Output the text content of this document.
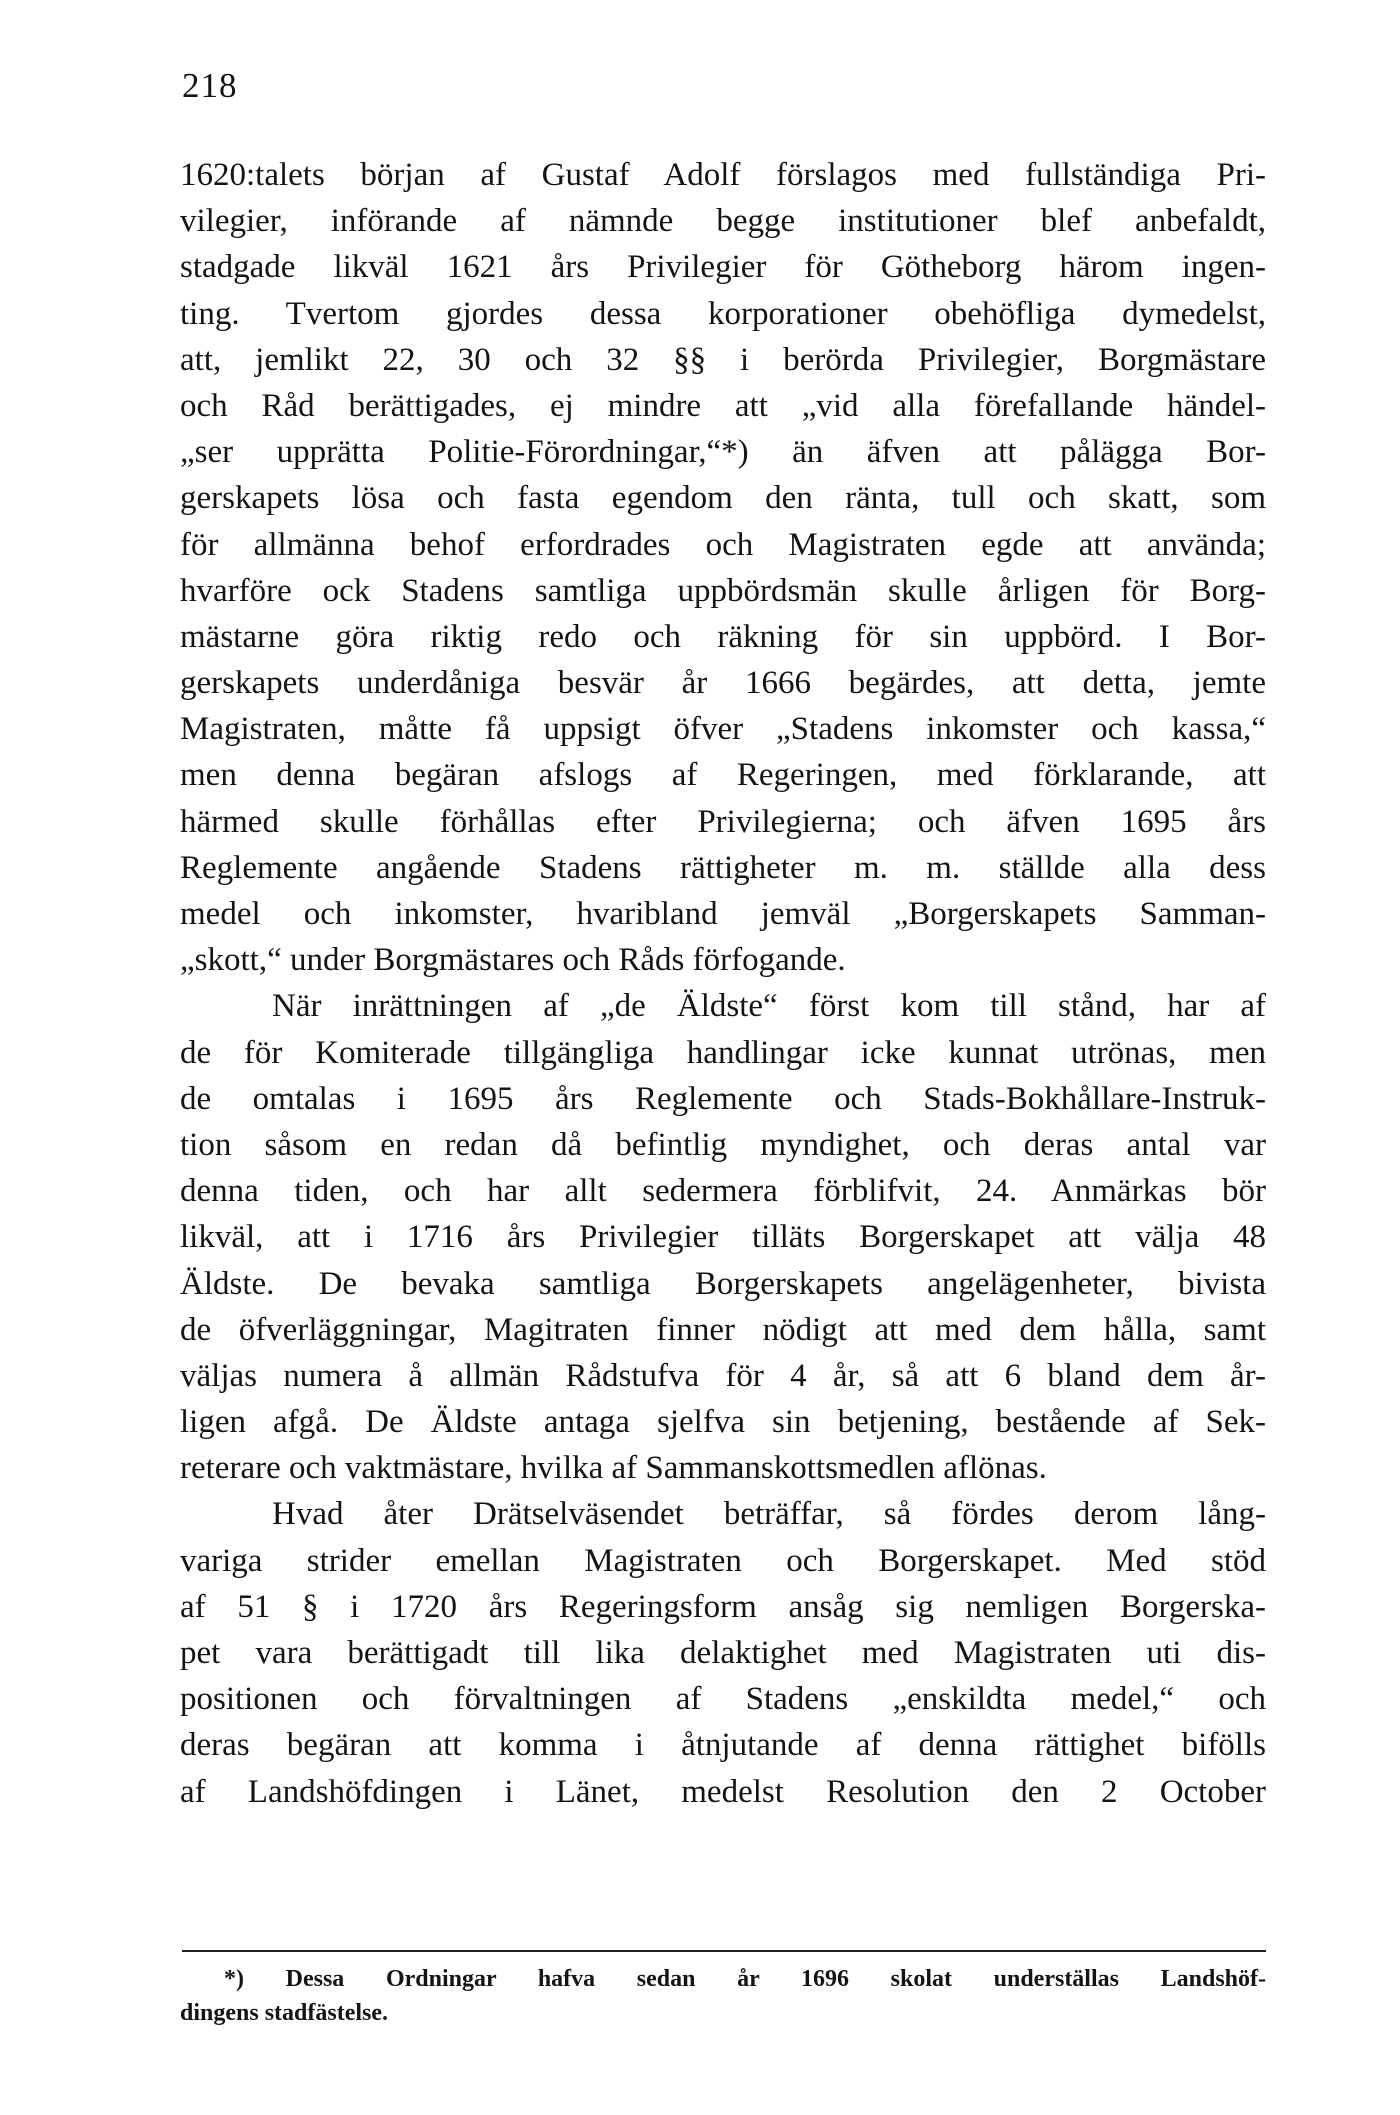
218
1620:talets början af Gustaf Adolf förslagos med fullständiga Pri-
vilegier, införande af nämnde begge institutioner blef anbefaldt,
stadgade likväl 1621 års Privilegier för Götheborg härom ingen-
ting. Tvertom gjordes dessa korporationer obehöfliga dymedelst,
att, jemlikt 22, 30 och 32 §§ i berörda Privilegier, Borgmästare
och Råd berättigades, ej mindre att „vid alla förefallande händel-
„ser upprätta Politie-Förordningar,“*) än äfven att pålägga Bor-
gerskapets lösa och fasta egendom den ränta, tull och skatt, som
för allmänna behof erfordrades och Magistraten egde att använda;
hvarföre ock Stadens samtliga uppbördsmän skulle årligen för Borg-
mästarne göra riktig redo och räkning för sin uppbörd. I Bor-
gerskapets underdåniga besvär år 1666 begärdes, att detta, jemte
Magistraten, måtte få uppsigt öfver „Stadens inkomster och kassa,“
men denna begäran afslogs af Regeringen, med förklarande, att
härmed skulle förhållas efter Privilegierna; och äfven 1695 års
Reglemente angående Stadens rättigheter m. m. ställde alla dess
medel och inkomster, hvaribland jemväl „Borgerskapets Samman-
„skott,“ under Borgmästares och Råds förfogande.
När inrättningen af „de Äldste“ först kom till stånd, har af
de för Komiterade tillgängliga handlingar icke kunnat utrönas, men
de omtalas i 1695 års Reglemente och Stads-Bokhållare-Instruk-
tion såsom en redan då befintlig myndighet, och deras antal var
denna tiden, och har allt sedermera förblifvit, 24. Anmärkas bör
likväl, att i 1716 års Privilegier tilläts Borgerskapet att välja 48
Äldste. De bevaka samtliga Borgerskapets angelägenheter, bivista
de öfverläggningar, Magitraten finner nödigt att med dem hålla, samt
väljas numera å allmän Rådstufva för 4 år, så att 6 bland dem år-
ligen afgå. De Äldste antaga sjelfva sin betjening, bestående af Sek-
reterare och vaktmästare, hvilka af Sammanskottsmedlen aflönas.
Hvad åter Drätselväsendet beträffar, så fördes derom lång-
variga strider emellan Magistraten och Borgerskapet. Med stöd
af 51 § i 1720 års Regeringsform ansåg sig nemligen Borgerska-
pet vara berättigadt till lika delaktighet med Magistraten uti dis-
positionen och förvaltningen af Stadens „enskildta medel,“ och
deras begäran att komma i åtnjutande af denna rättighet bifölls
af Landshöfdingen i Länet, medelst Resolution den 2 October
*) Dessa Ordningar hafva sedan år 1696 skolat underställas Landshöf-
dingens stadfästelse.
